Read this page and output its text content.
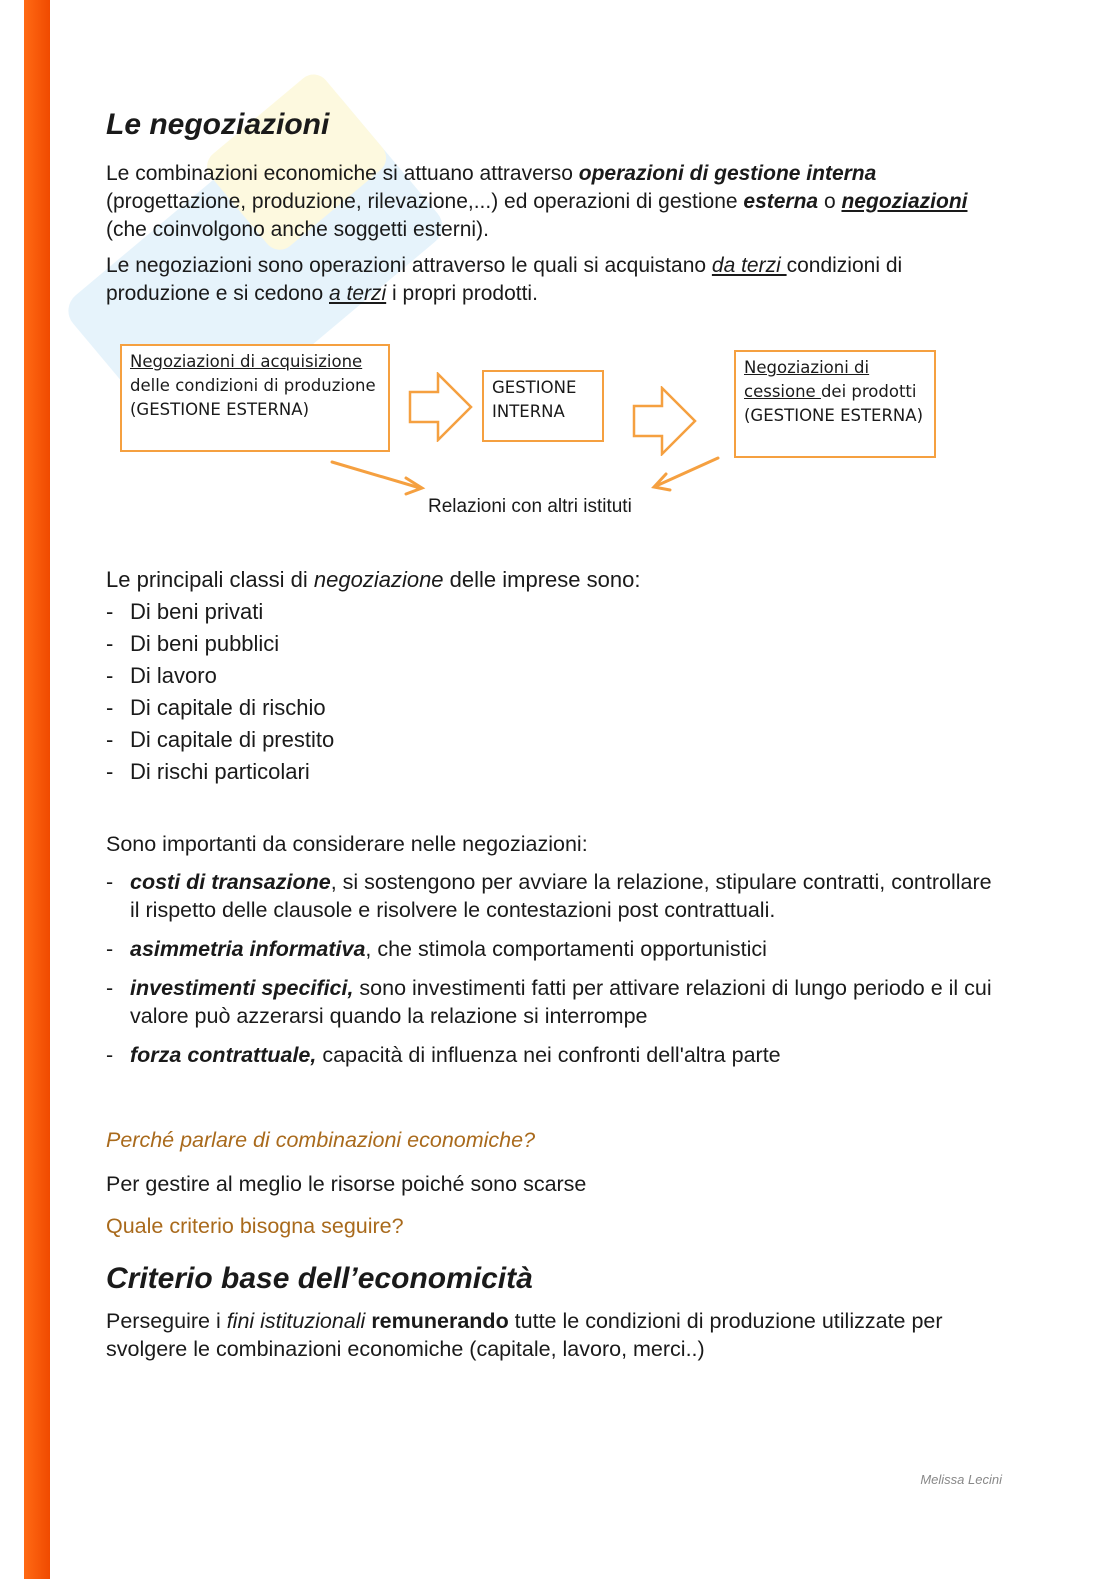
Le negoziazioni

Le combinazioni economiche si attuano attraverso operazioni di gestione interna (progettazione, produzione, rilevazione,...) ed operazioni di gestione esterna o negoziazioni (che coinvolgono anche soggetti esterni).

Le negoziazioni sono operazioni attraverso le quali si acquistano da terzi condizioni di produzione e si cedono a terzi i propri prodotti.

Negoziazioni di acquisizione
delle condizioni di produzione
(GESTIONE ESTERNA)
GESTIONE
INTERNA
Negoziazioni di
cessione dei prodotti
(GESTIONE ESTERNA)
Relazioni con altri istituti

Le principali classi di negoziazione delle imprese sono:

- Di beni privati
- Di beni pubblici
- Di lavoro
- Di capitale di rischio
- Di capitale di prestito
- Di rischi particolari

Sono importanti da considerare nelle negoziazioni:

- costi di transazione, si sostengono per avviare la relazione, stipulare contratti, controllare il rispetto delle clausole e risolvere le contestazioni post contrattuali.
- asimmetria informativa, che stimola comportamenti opportunistici
- investimenti specifici, sono investimenti fatti per attivare relazioni di lungo periodo e il cui valore può azzerarsi quando la relazione si interrompe
- forza contrattuale, capacità di influenza nei confronti dell'altra parte

Perché parlare di combinazioni economiche?

Per gestire al meglio le risorse poiché sono scarse

Quale criterio bisogna seguire?

Criterio base dell’economicità

Perseguire i fini istituzionali remunerando tutte le condizioni di produzione utilizzate per svolgere le combinazioni economiche (capitale, lavoro, merci..)

Melissa Lecini
